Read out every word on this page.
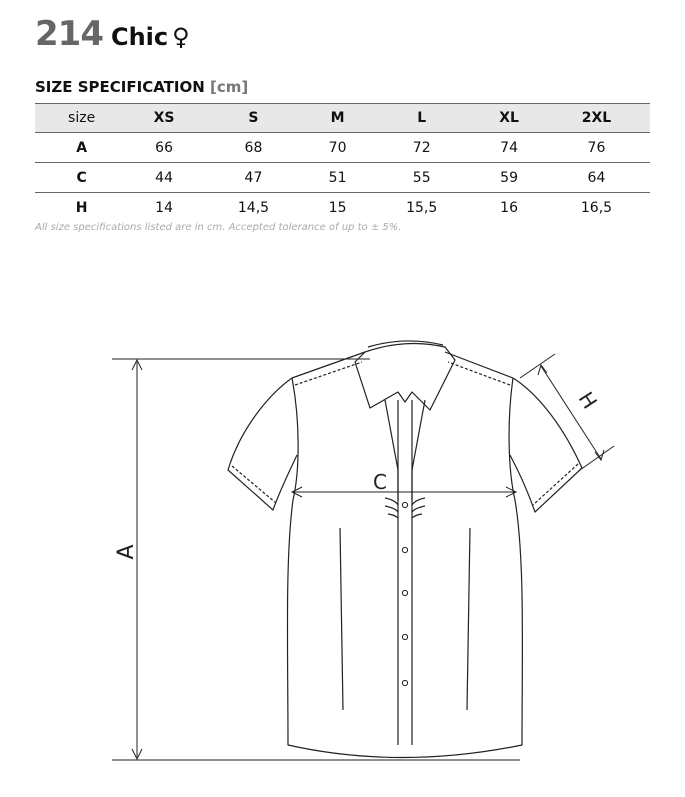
214 Chic ♀
SIZE SPECIFICATION [cm]
size	XS	S	M	L	XL	2XL
A	66	68	70	72	74	76
C	44	47	51	55	59	64
H	14	14,5	15	15,5	16	16,5
All size specifications listed are in cm. Accepted tolerance of up to ± 5%.
A
C
H
